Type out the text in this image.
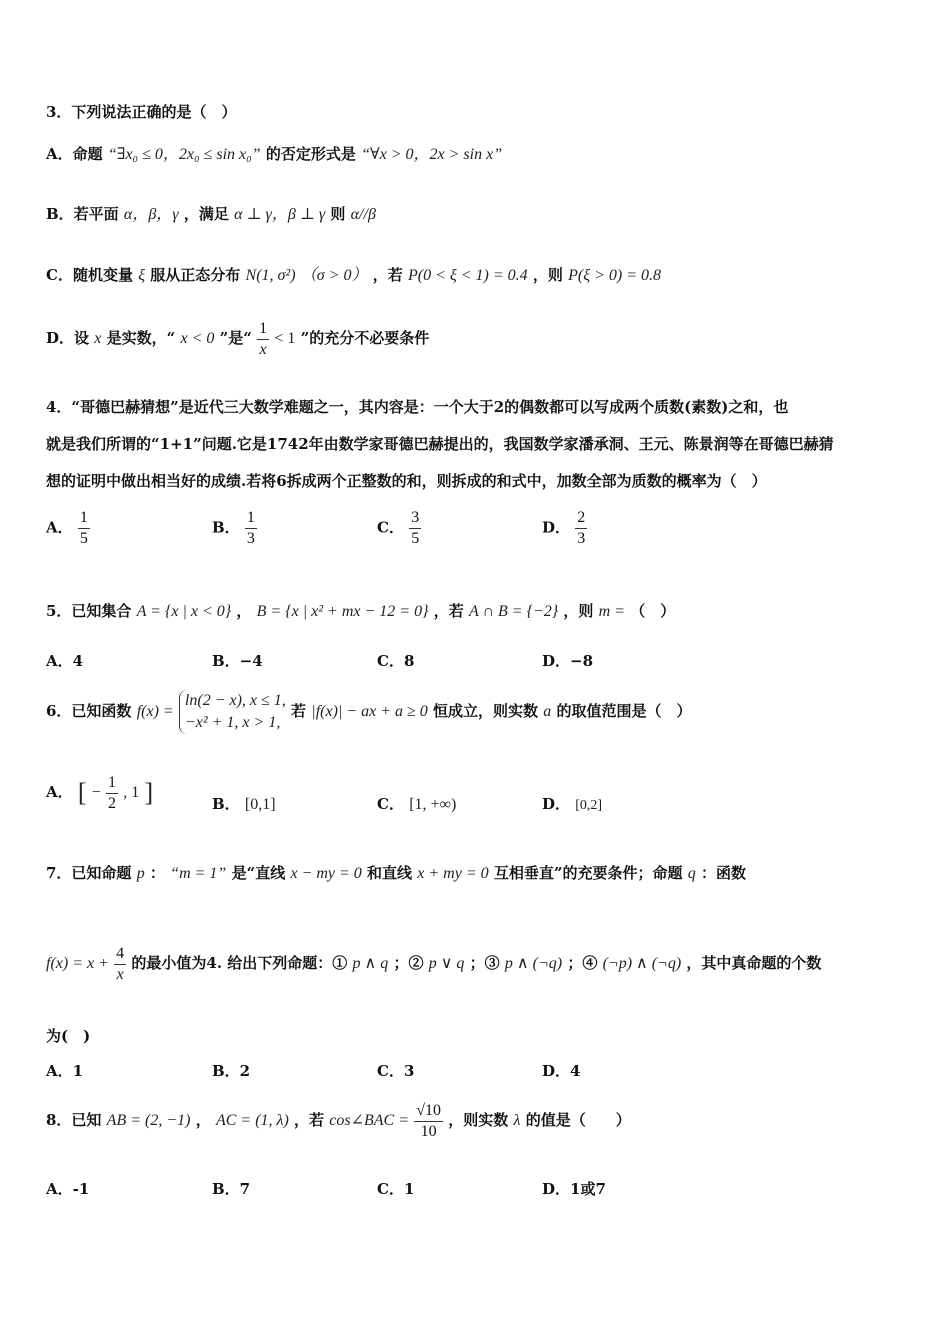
3．下列说法正确的是（　）
A．命题 “∃x₀ ≤ 0，2x₀ ≤ sin x₀” 的否定形式是 “∀x > 0，2x > sin x”
B．若平面 α，β，γ ，满足 α ⊥ γ，β ⊥ γ 则 α//β
C．随机变量 ξ 服从正态分布 N(1, σ²) （σ > 0） ，若 P(0 < ξ < 1) = 0.4 ，则 P(ξ > 0) = 0.8
D．设 x 是实数，“ x < 0 ”是“ $\frac{1}{x} < 1$ ”的充分不必要条件
4．“哥德巴赫猜想”是近代三大数学难题之一，其内容是：一个大于2的偶数都可以写成两个质数(素数)之和，也
就是我们所谓的“1+1”问题.它是1742年由数学家哥德巴赫提出的，我国数学家潘承洞、王元、陈景润等在哥德巴赫猜
想的证明中做出相当好的成绩.若将6拆成两个正整数的和，则拆成的和式中，加数全部为质数的概率为（　）
A． $\frac{1}{5}$	B． $\frac{1}{3}$	C． $\frac{3}{5}$	D． $\frac{2}{3}$
5．已知集合 A = {x | x < 0} ， B = {x | x² + mx − 12 = 0} ，若 A ∩ B = {−2} ，则 m = （　）
A．4	B．−4	C．8	D．−8
6．已知函数 f(x) =
ln(2 − x), x ≤ 1,
−x² + 1, x > 1,
若 |f(x)| − ax + a ≥ 0 恒成立，则实数 a 的取值范围是（　）
A． [ − $\frac{1}{2}$ , 1 ]	B． [0,1]	C． [1, +∞)	D． [0,2]
7．已知命题 p ： “m = 1” 是“直线 x − my = 0 和直线 x + my = 0 互相垂直”的充要条件；命题 q ：函数
$f(x) = x + \frac{4}{x}$ 的最小值为4. 给出下列命题：① p ∧ q ；② p ∨ q ；③ p ∧ (¬q) ；④ (¬p) ∧ (¬q) ，其中真命题的个数
为(　)
A．1	B．2	C．3	D．4
8．已知 AB = (2, −1) ， AC = (1, λ) ，若 cos∠BAC = $\frac{√10}{10}$ ，则实数 λ 的值是（　　）
A．-1	B．7	C．1	D．1或7
